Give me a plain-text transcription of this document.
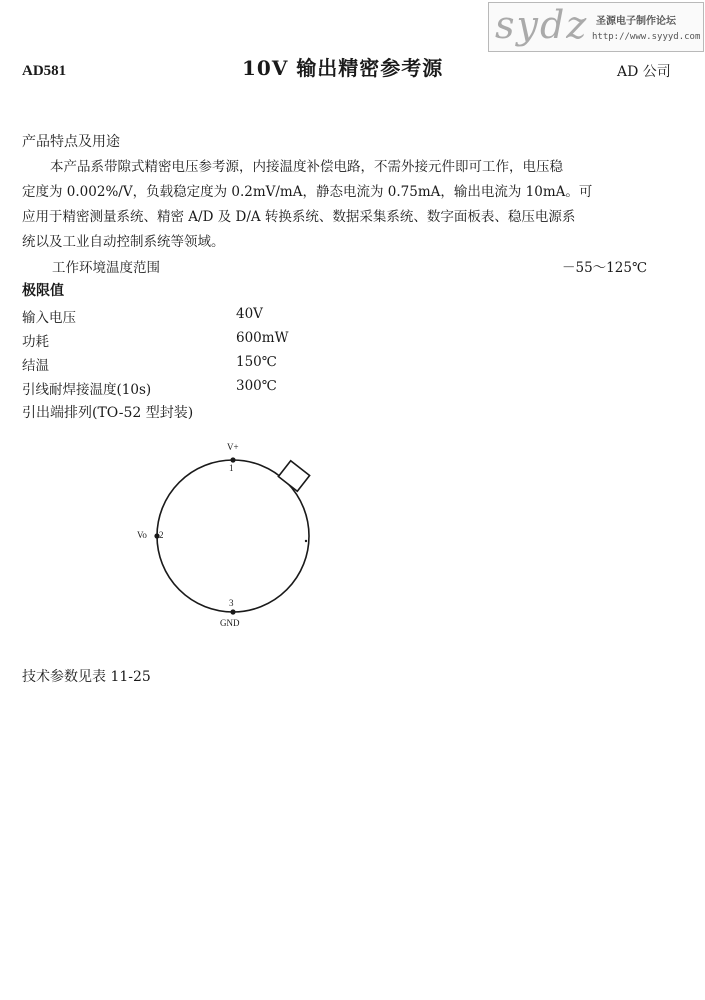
sydz 圣源电子制作论坛
http://www.syyyd.com
AD581	10V 输出精密参考源	AD 公司
产品特点及用途
本产品系带隙式精密电压参考源，内接温度补偿电路，不需外接元件即可工作，电压稳
定度为 0.002%/V，负载稳定度为 0.2mV/mA，静态电流为 0.75mA，输出电流为 10mA。可
应用于精密测量系统、精密 A/D 及 D/A 转换系统、数据采集系统、数字面板表、稳压电源系
统以及工业自动控制系统等领域。
工作环境温度范围	－55～125℃
极限值
输入电压	40V
功耗	600mW
结温	150℃
引线耐焊接温度(10s)	300℃
引出端排列(TO-52 型封装)
V+
1
Vo 2
3
GND
技术参数见表 11-25
